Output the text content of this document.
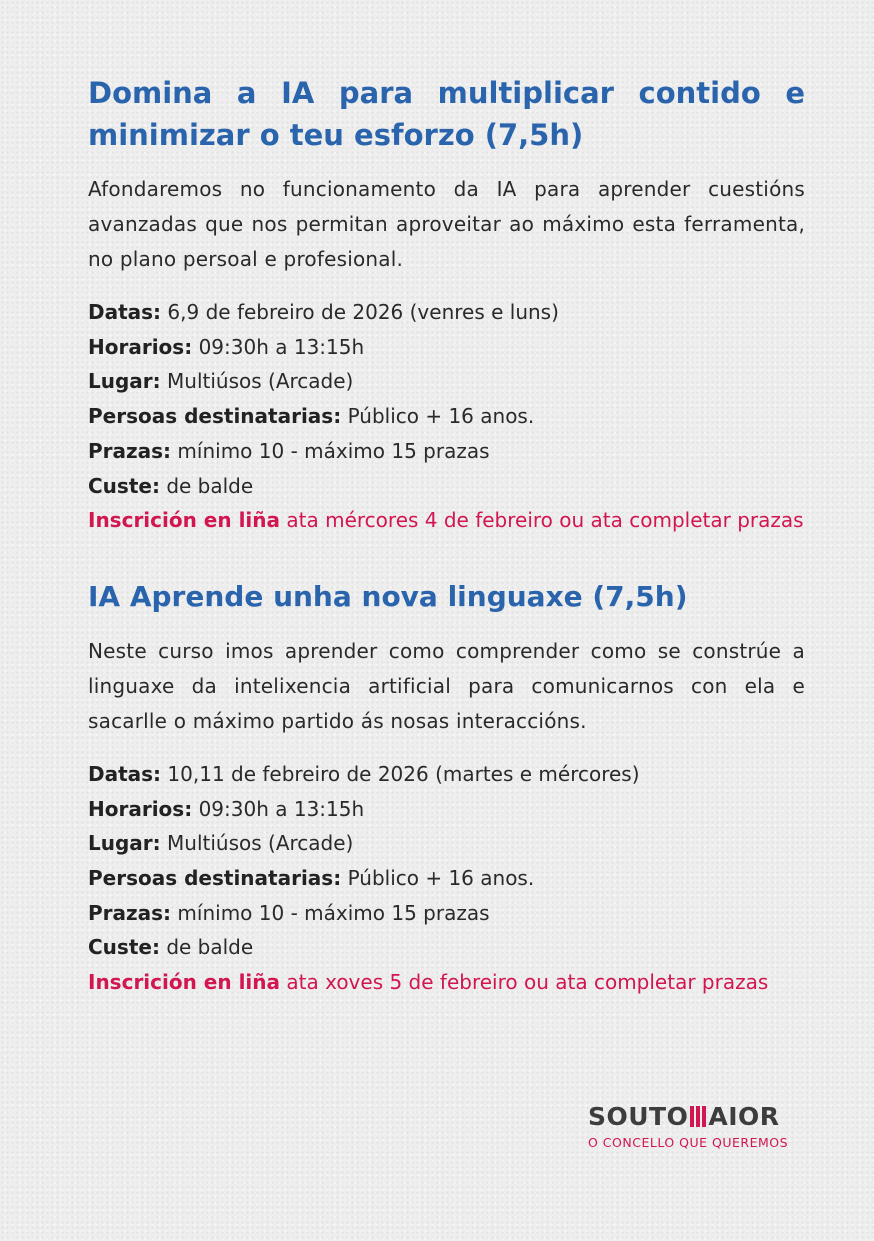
Domina a IA para multiplicar contido e
minimizar o teu esforzo (7,5h)

Afondaremos no funcionamento da IA para aprender cuestións avanzadas que nos permitan aproveitar ao máximo esta ferramenta, no plano persoal e profesional.

Datas: 6,9 de febreiro de 2026 (venres e luns)
Horarios: 09:30h a 13:15h
Lugar: Multiúsos (Arcade)
Persoas destinatarias: Público + 16 anos.
Prazas: mínimo 10 - máximo 15 prazas
Custe: de balde
Inscrición en liña ata mércores 4 de febreiro ou ata completar prazas
IA Aprende unha nova linguaxe (7,5h)

Neste curso imos aprender como comprender como se constrúe a linguaxe da intelixencia artificial para comunicarnos con ela e sacarlle o máximo partido ás nosas interaccións.

Datas: 10,11 de febreiro de 2026 (martes e mércores)
Horarios: 09:30h a 13:15h
Lugar: Multiúsos (Arcade)
Persoas destinatarias: Público + 16 anos.
Prazas: mínimo 10 - máximo 15 prazas
Custe: de balde
Inscrición en liña ata xoves 5 de febreiro ou ata completar prazas
SOUTO AIOR
O CONCELLO QUE QUEREMOS
